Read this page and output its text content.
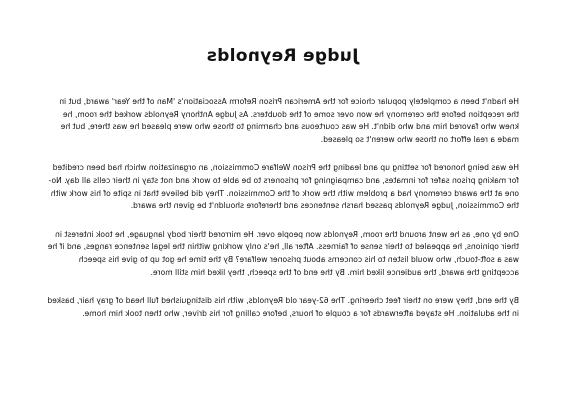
Judge Reynolds

He hadn't been a completely popular choice for the American Prison Reform Association's 'Man of the Year' award, but in the reception before the ceremony he won over some of the doubters. As Judge Anthony Reynolds worked the room, he knew who favored him and who didn't. He was courteous and charming to those who were pleased he was there, but he made a real effort on those who weren't so pleased.

He was being honored for setting up and leading the Prison Welfare Commission, an organization which had been credited for making prison safer for inmates, and campaigning for prisoners to be able to work and not stay in their cells all day. No-one at the award ceremony had a problem with the work of the Commission. They did believe that in spite of his work with the Commission, Judge Reynolds passed harsh sentences and therefore shouldn't be given the award.

One by one, as he went around the room, Reynolds won people over. He mirrored their body language, he took interest in their opinions, he appealed to their sense of fairness. After all, he's only working within the legal sentence ranges, and if he was a soft-touch, who would listen to his concerns about prisoner welfare? By the time he got up to give his speech accepting the award, the audience liked him. By the end of the speech, they liked him still more.

By the end, they were on their feet cheering. The 62-year old Reynolds, with his distinguished full head of gray hair, basked in the adulation. He stayed afterwards for a couple of hours, before calling for his driver, who then took him home.
